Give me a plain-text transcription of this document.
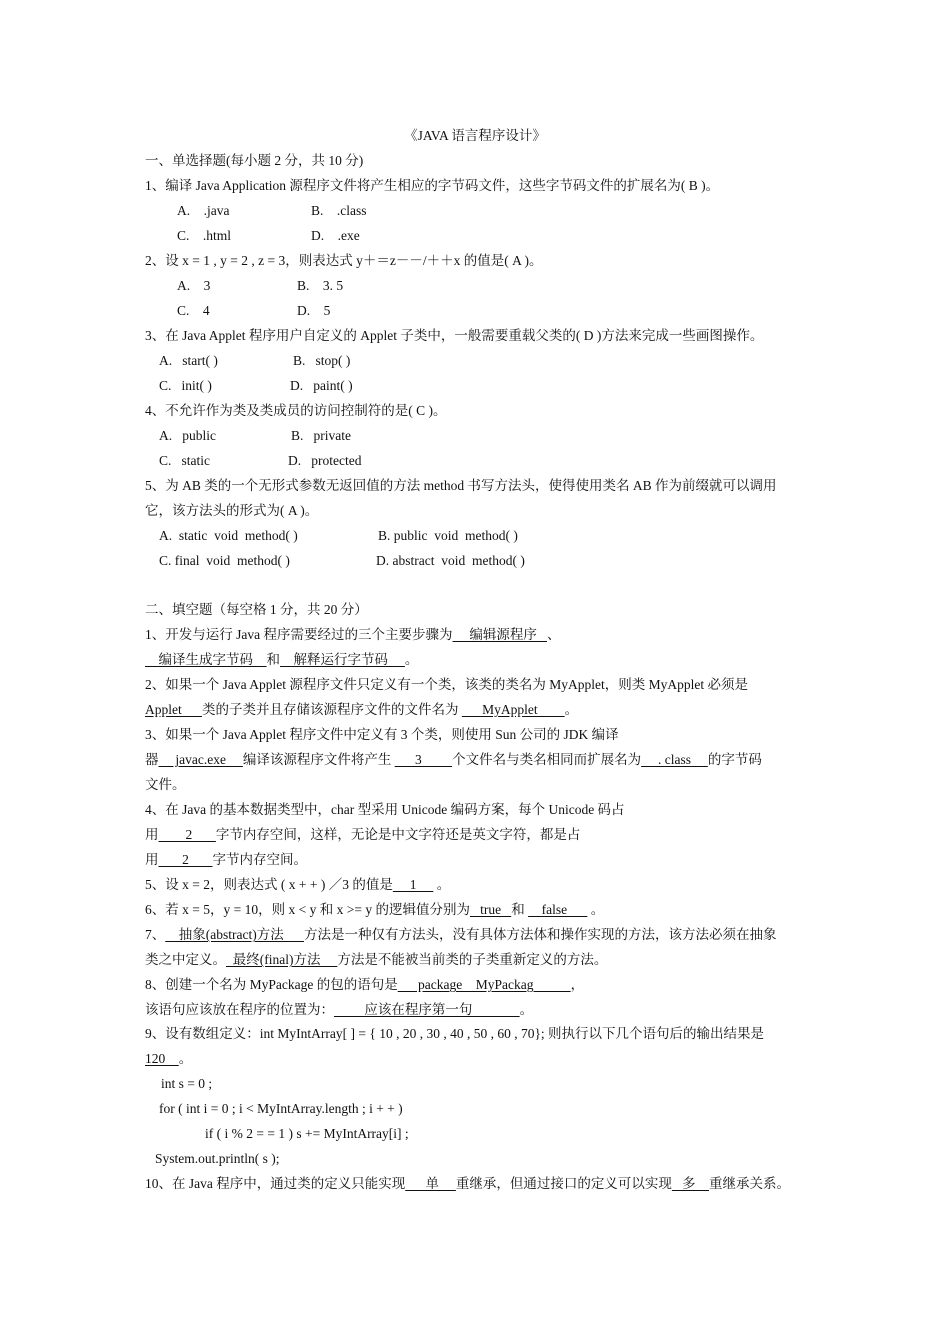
《JAVA 语言程序设计》
一、单选择题(每小题 2 分，共 10 分)
1、编译 Java Application 源程序文件将产生相应的字节码文件，这些字节码文件的扩展名为( B )。
A.    .java	B.    .class
C.    .html	D.    .exe
2、设 x = 1 , y = 2 , z = 3，则表达式 y＋＝z－－/＋＋x 的值是( A )。
A.    3	B.    3. 5
C.    4	D.    5
3、在 Java Applet 程序用户自定义的 Applet 子类中，一般需要重载父类的( D )方法来完成一些画图操作。
A.   start( )	B.   stop( )
C.   init( )	D.   paint( )
4、不允许作为类及类成员的访问控制符的是( C )。
A.   public	B.   private
C.   static	D.   protected
5、为 AB 类的一个无形式参数无返回值的方法 method 书写方法头，使得使用类名 AB 作为前缀就可以调用
它，该方法头的形式为( A )。
A.  static  void  method( )	B. public  void  method( )
C. final  void  method( )	D. abstract  void  method( )
二、填空题（每空格 1 分，共 20 分）
1、开发与运行 Java 程序需要经过的三个主要步骤为     编辑源程序   、
编译生成字节码    和    解释运行字节码     。
2、如果一个 Java Applet 源程序文件只定义有一个类，该类的类名为 MyApplet，则类 MyApplet 必须是
Applet      类的子类并且存储该源程序文件的文件名为       MyApplet        。
3、如果一个 Java Applet 程序文件中定义有 3 个类，则使用 Sun 公司的 JDK 编译
器     javac.exe     编译该源程序文件将产生       3         个文件名与类名相同而扩展名为     . class     的字节码
文件。
4、在 Java 的基本数据类型中，char 型采用 Unicode 编码方案，每个 Unicode 码占
用        2       字节内存空间，这样，无论是中文字符还是英文字符，都是占
用       2       字节内存空间。
5、设 x = 2，则表达式 ( x + + ) ／3 的值是     1      。
6、若 x = 5，y = 10，则 x < y 和 x >= y 的逻辑值分别为   true   和     false       。
7、    抽象(abstract)方法      方法是一种仅有方法头，没有具体方法体和操作实现的方法，该方法必须在抽象
类之中定义。  最终(final)方法     方法是不能被当前类的子类重新定义的方法。
8、创建一个名为 MyPackage 的包的语句是      package    MyPackag           ，
该语句应该放在程序的位置为：         应该在程序第一句              。
9、设有数组定义：int MyIntArray[ ] = { 10 , 20 , 30 , 40 , 50 , 60 , 70}; 则执行以下几个语句后的输出结果是
120    。
int s = 0 ;
for ( int i = 0 ; i < MyIntArray.length ; i + + )
if ( i % 2 = = 1 ) s += MyIntArray[i] ;
System.out.println( s );
10、在 Java 程序中，通过类的定义只能实现      单     重继承，但通过接口的定义可以实现   多    重继承关系。
